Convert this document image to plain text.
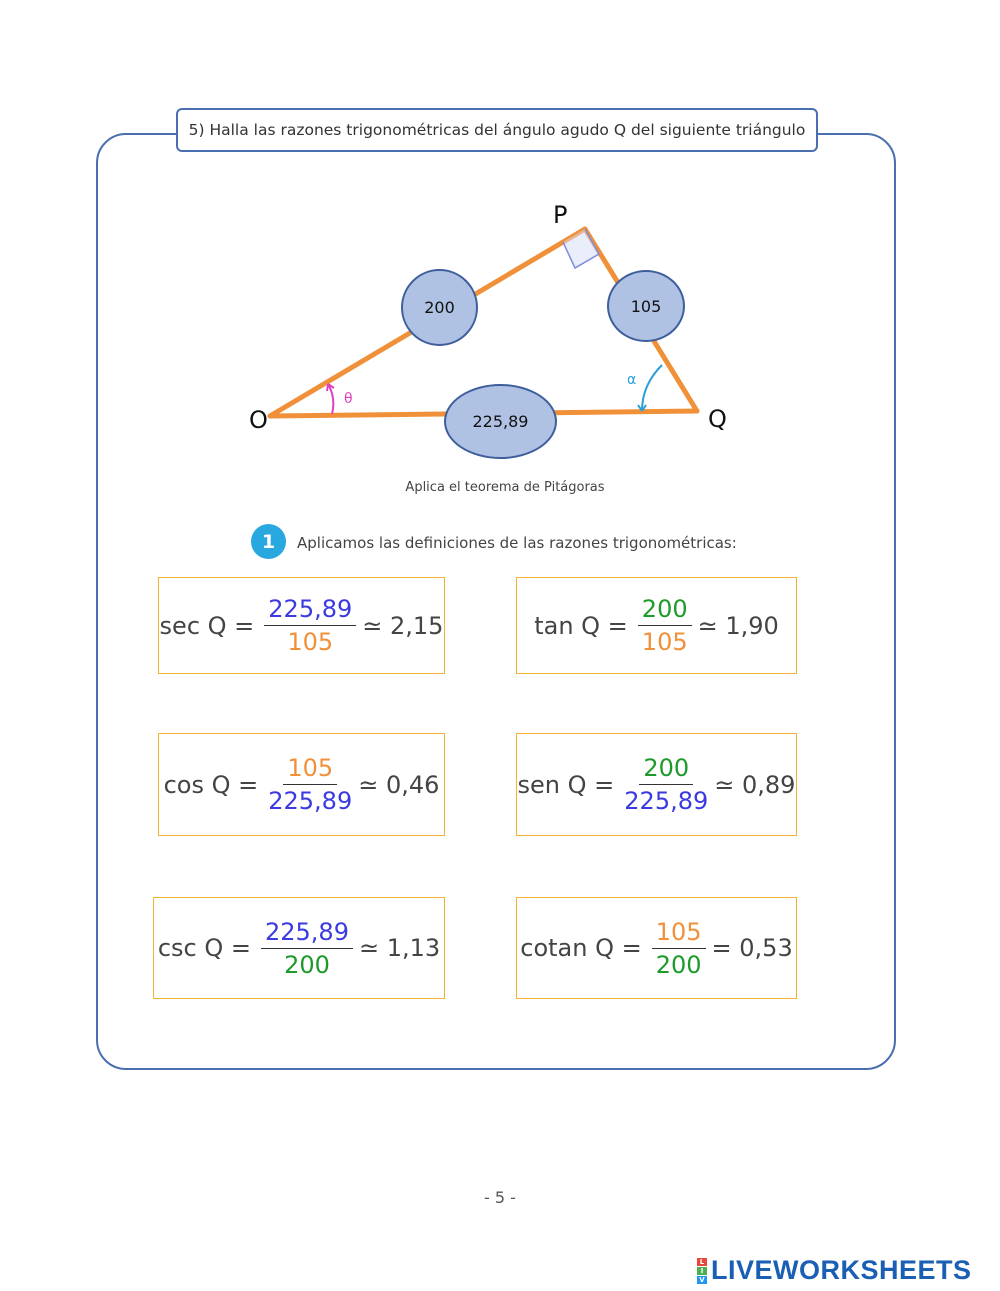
5) Halla las razones trigonométricas del ángulo agudo Q del siguiente triángulo
θ
α
O
P
Q
200	105
225,89
Aplica el teorema de Pitágoras
1	Aplicamos las definiciones de las razones trigonométricas:
$\sec Q = \frac{225,89}{105}$ ≃ 2,15	$\tan Q = \frac{200}{105}$ ≃ 1,90
$\cos Q = \frac{105}{225,89}$ ≃ 0,46	sen $Q = \frac{200}{225,89}$ ≃ 0,89
$\csc Q = \frac{225,89}{200}$ ≃ 1,13	cotan $Q = \frac{105}{200} = 0,53$
- 5 -
L
I
V LIVEWORKSHEETS
